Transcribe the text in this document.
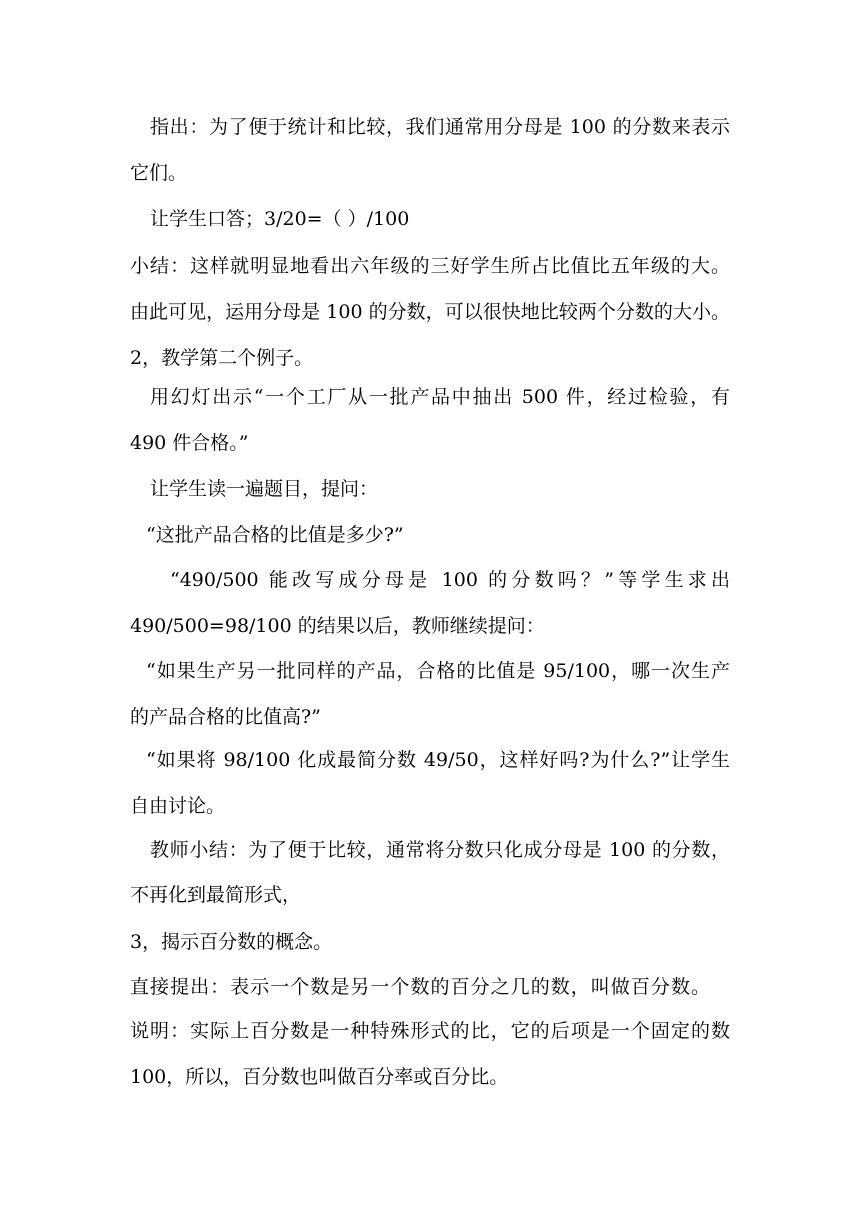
指出：为了便于统计和比较，我们通常用分母是 100 的分数来表示
它们。
让学生口答；3/20=（ ）/100
小结：这样就明显地看出六年级的三好学生所占比值比五年级的大。
由此可见，运用分母是 100 的分数，可以很快地比较两个分数的大小。
2，教学第二个例子。
用幻灯出示“一个工厂从一批产品中抽出 500 件，经过检验，有
490 件合格。”
让学生读一遍题目，提问：
“这批产品合格的比值是多少?”
“490/500 能改写成分母是 100 的分数吗？”等学生求出
490/500=98/100 的结果以后，教师继续提问：
“如果生产另一批同样的产品，合格的比值是 95/100，哪一次生产
的产品合格的比值高?”
“如果将 98/100 化成最简分数 49/50，这样好吗?为什么?”让学生
自由讨论。
教师小结：为了便于比较，通常将分数只化成分母是 100 的分数，
不再化到最简形式，
3，揭示百分数的概念。
直接提出：表示一个数是另一个数的百分之几的数，叫做百分数。
说明：实际上百分数是一种特殊形式的比，它的后项是一个固定的数
100，所以，百分数也叫做百分率或百分比。
